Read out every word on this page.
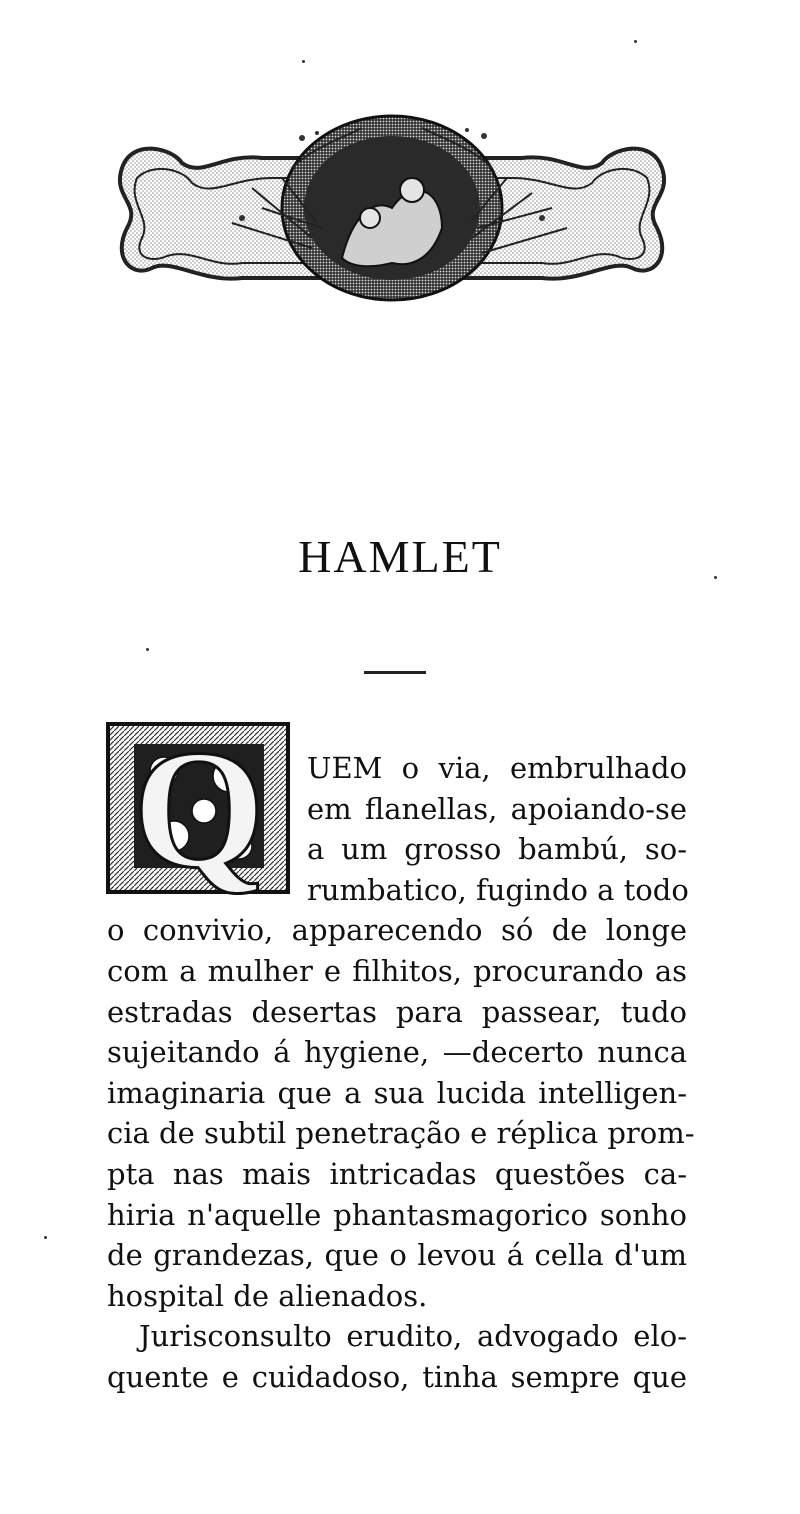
HAMLET
Q	UEM o via, embrulhado
em flanellas, apoiando-se
a um grosso bambú, so-
rumbatico, fugindo a todo
o convivio, apparecendo só de longe
com a mulher e filhitos, procurando as
estradas desertas para passear, tudo
sujeitando á hygiene, —decerto nunca
imaginaria que a sua lucida intelligen-
cia de subtil penetração e réplica prom-
pta nas mais intricadas questões ca-
hiria n'aquelle phantasmagorico sonho
de grandezas, que o levou á cella d'um
hospital de alienados.
Jurisconsulto erudito, advogado elo-
quente e cuidadoso, tinha sempre que
